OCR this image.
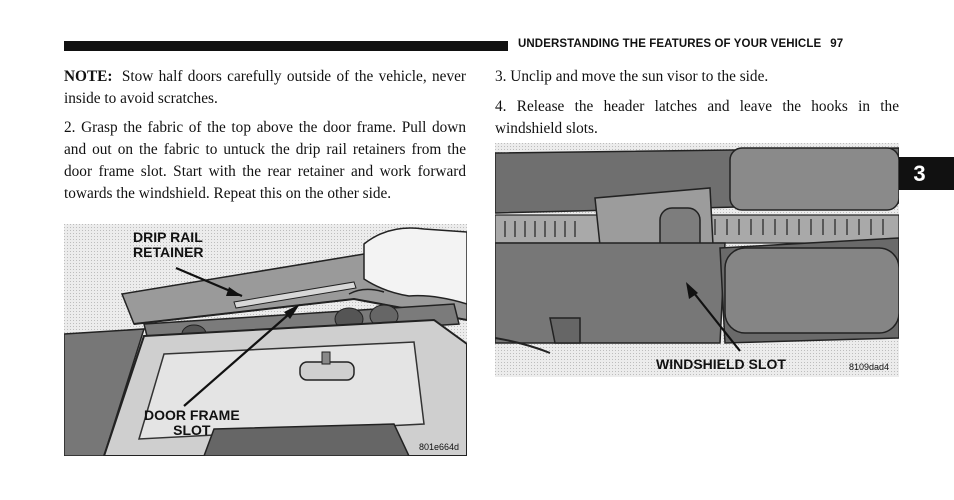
UNDERSTANDING THE FEATURES OF YOUR VEHICLE 97
3

NOTE: Stow half doors carefully outside of the vehicle, never inside to avoid scratches.

2. Grasp the fabric of the top above the door frame. Pull down and out on the fabric to untuck the drip rail retainers from the door frame slot. Start with the rear retainer and work forward towards the windshield. Repeat this on the other side.

3. Unclip and move the sun visor to the side.

4. Release the header latches and leave the hooks in the windshield slots.

DRIP RAIL
RETAINER
DOOR FRAME
SLOT
801e664d
WINDSHIELD SLOT	8109dad4
